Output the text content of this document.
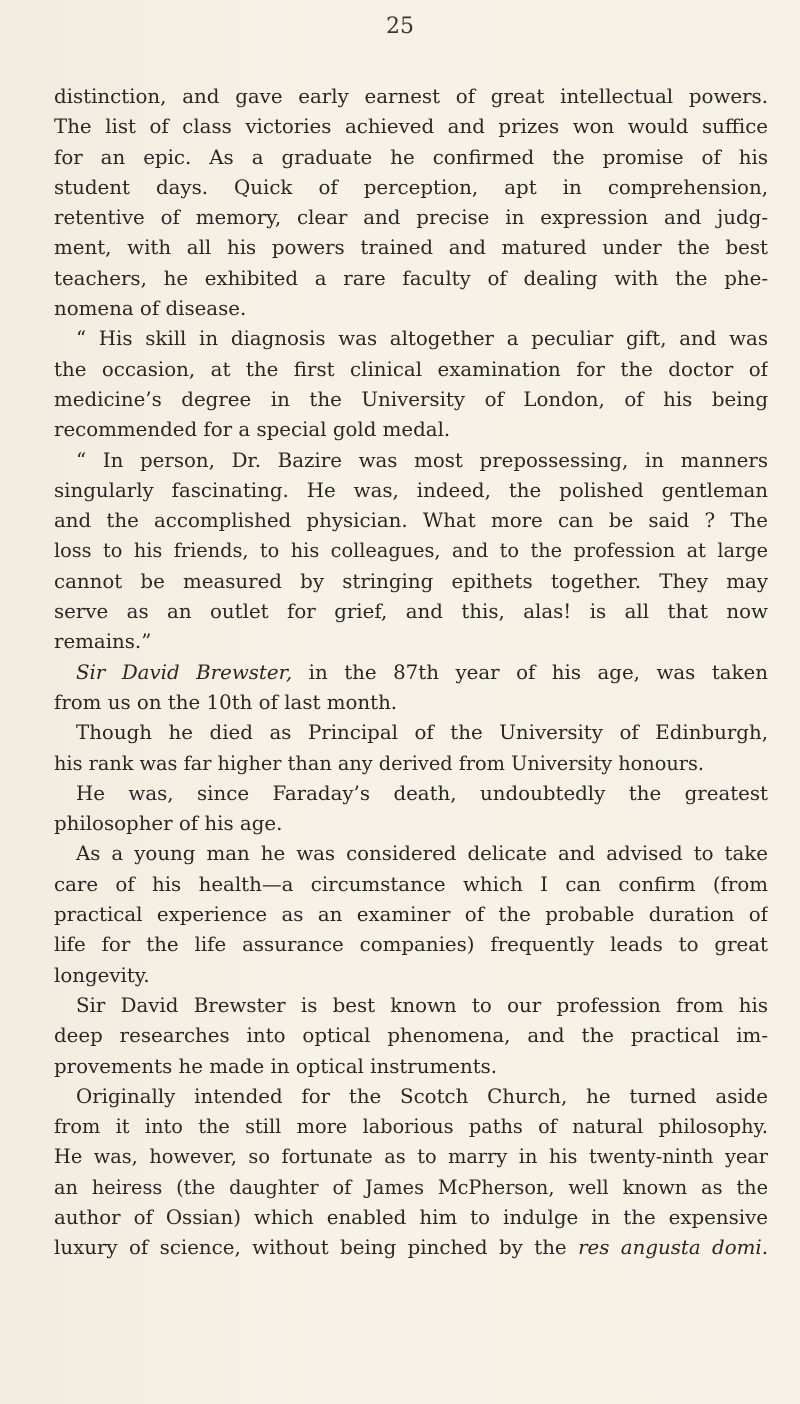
25
distinction, and gave early earnest of great intellectual powers.
The list of class victories achieved and prizes won would suffice
for an epic. As a graduate he confirmed the promise of his
student days. Quick of perception, apt in comprehension,
retentive of memory, clear and precise in expression and judg-
ment, with all his powers trained and matured under the best
teachers, he exhibited a rare faculty of dealing with the phe-
nomena of disease.
“ His skill in diagnosis was altogether a peculiar gift, and was
the occasion, at the first clinical examination for the doctor of
medicine’s degree in the University of London, of his being
recommended for a special gold medal.
“ In person, Dr. Bazire was most prepossessing, in manners
singularly fascinating. He was, indeed, the polished gentleman
and the accomplished physician. What more can be said ? The
loss to his friends, to his colleagues, and to the profession at large
cannot be measured by stringing epithets together. They may
serve as an outlet for grief, and this, alas! is all that now
remains.”
Sir David Brewster, in the 87th year of his age, was taken
from us on the 10th of last month.
Though he died as Principal of the University of Edinburgh,
his rank was far higher than any derived from University honours.
He was, since Faraday’s death, undoubtedly the greatest
philosopher of his age.
As a young man he was considered delicate and advised to take
care of his health—a circumstance which I can confirm (from
practical experience as an examiner of the probable duration of
life for the life assurance companies) frequently leads to great
longevity.
Sir David Brewster is best known to our profession from his
deep researches into optical phenomena, and the practical im-
provements he made in optical instruments.
Originally intended for the Scotch Church, he turned aside
from it into the still more laborious paths of natural philosophy.
He was, however, so fortunate as to marry in his twenty-ninth year
an heiress (the daughter of James McPherson, well known as the
author of Ossian) which enabled him to indulge in the expensive
luxury of science, without being pinched by the res angusta domi.
